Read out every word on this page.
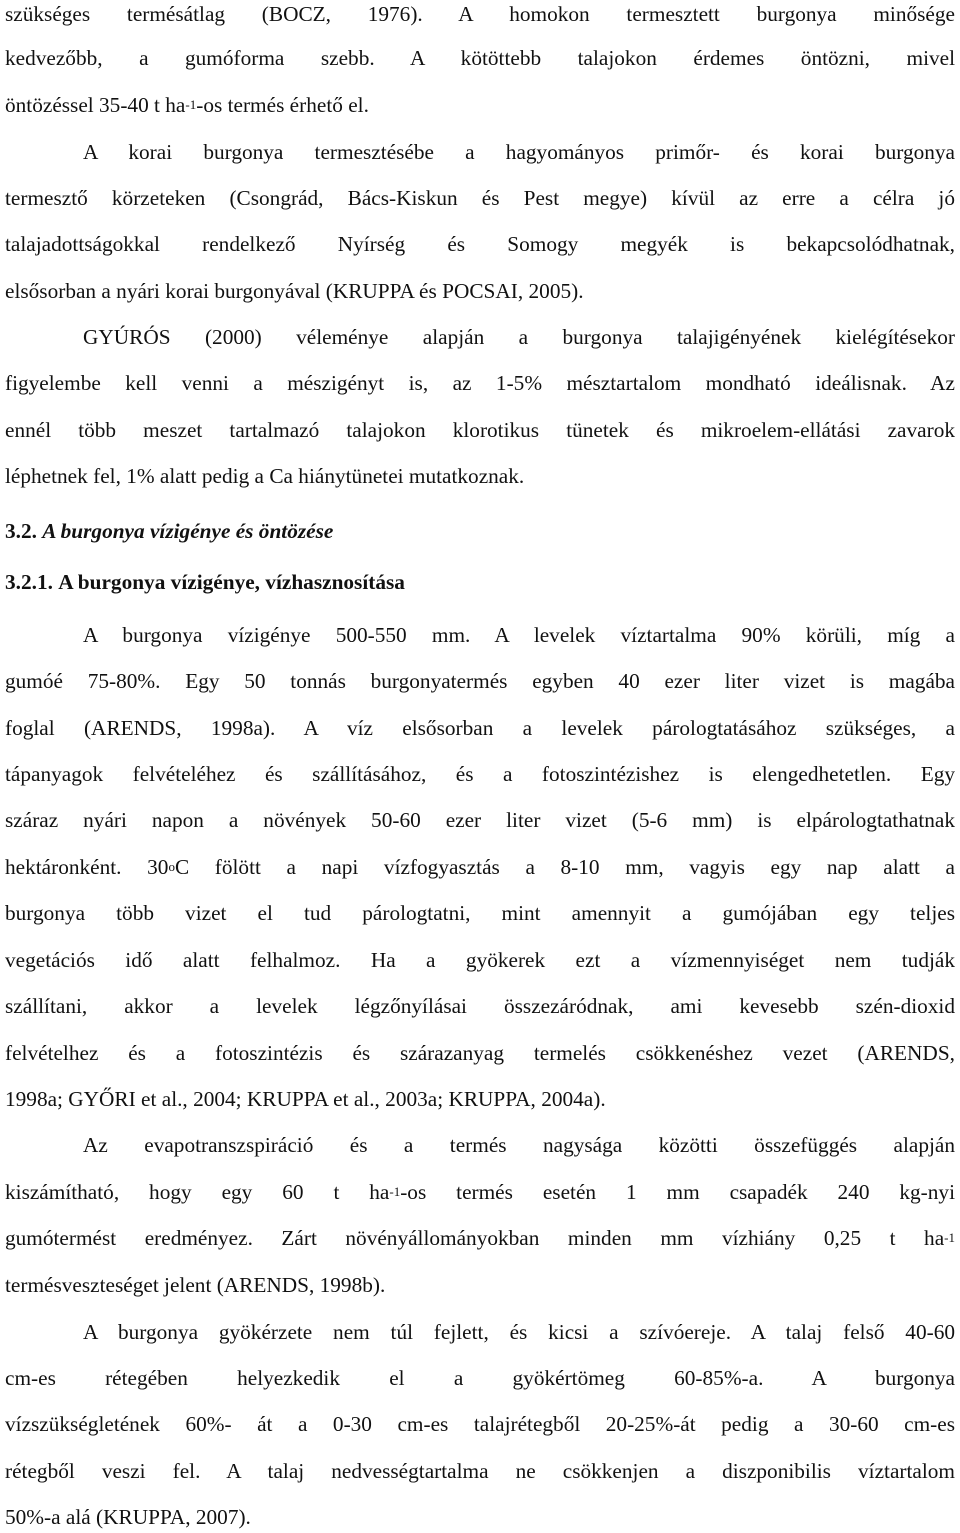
szükséges termésátlag (BOCZ, 1976). A homokon termesztett burgonya minősége
kedvezőbb, a gumóforma szebb. A kötöttebb talajokon érdemes öntözni, mivel
öntözéssel 35-40 t $ha^{-1}-os$ termés érhető el.
A korai burgonya termesztésébe a hagyományos primőr- és korai burgonya
termesztő körzeteken (Csongrád, Bács-Kiskun és Pest megye) kívül az erre a célra jó
talajadottságokkal rendelkező Nyírség és Somogy megyék is bekapcsolódhatnak,
elsősorban a nyári korai burgonyával (KRUPPA és POCSAI, 2005).
GYÚRÓS (2000) véleménye alapján a burgonya talajigényének kielégítésekor
figyelembe kell venni a mészigényt is, az 1-5% mésztartalom mondható ideálisnak. Az
ennél több meszet tartalmazó talajokon klorotikus tünetek és mikroelem-ellátási zavarok
léphetnek fel, 1% alatt pedig a Ca hiánytünetei mutatkoznak.
3.2. A burgonya vízigénye és öntözése
3.2.1. A burgonya vízigénye, vízhasznosítása
A burgonya vízigénye 500-550 mm. A levelek víztartalma 90% körüli, míg a
gumóé 75-80%. Egy 50 tonnás burgonyatermés egyben 40 ezer liter vizet is magába
foglal (ARENDS, 1998a). A víz elsősorban a levelek párologtatásához szükséges, a
tápanyagok felvételéhez és szállításához, és a fotoszintézishez is elengedhetetlen. Egy
száraz nyári napon a növények 50-60 ezer liter vizet (5-6 mm) is elpárologtathatnak
hektáronként. 30$^o$C fölött a napi vízfogyasztás a 8-10 mm, vagyis egy nap alatt a
burgonya több vizet el tud párologtatni, mint amennyit a gumójában egy teljes
vegetációs idő alatt felhalmoz. Ha a gyökerek ezt a vízmennyiséget nem tudják
szállítani, akkor a levelek légzőnyílásai összezáródnak, ami kevesebb szén-dioxid
felvételhez és a fotoszintézis és szárazanyag termelés csökkenéshez vezet (ARENDS,
1998a; GYŐRI et al., 2004; KRUPPA et al., 2003a; KRUPPA, 2004a).
Az evapotranszspiráció és a termés nagysága közötti összefüggés alapján
kiszámítható, hogy egy 60 t $ha^{-1}-os$ termés esetén 1 mm csapadék 240 kg-nyi
gumótermést eredményez. Zárt növényállományokban minden mm vízhiány 0,25 t $ha^{-1}$
termésveszteséget jelent (ARENDS, 1998b).
A burgonya gyökérzete nem túl fejlett, és kicsi a szívóereje. A talaj felső 40-60
cm-es rétegében helyezkedik el a gyökértömeg 60-85%-a. A burgonya
vízszükségletének 60%- át a 0-30 cm-es talajrétegből 20-25%-át pedig a 30-60 cm-es
rétegből veszi fel. A talaj nedvességtartalma ne csökkenjen a diszponibilis víztartalom
50%-a alá (KRUPPA, 2007).
